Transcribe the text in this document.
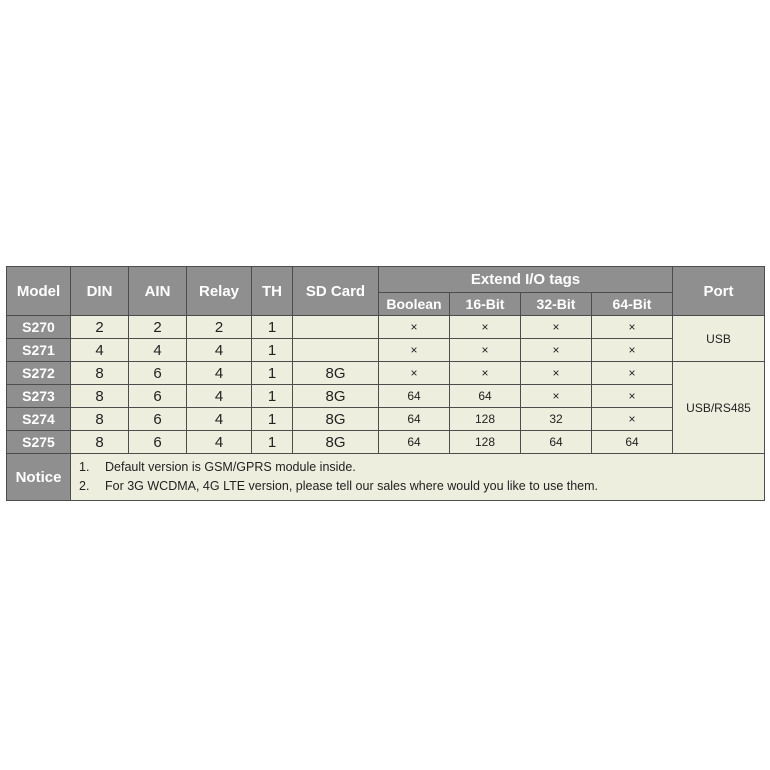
Model	DIN	AIN	Relay	TH	SD Card	Extend I/O tags				Port
						Boolean	16-Bit	32-Bit	64-Bit	
S270	2	2	2	1		×	×	×	×	USB
S271	4	4	4	1		×	×	×	×	
S272	8	6	4	1	8G	×	×	×	×	USB/RS485
S273	8	6	4	1	8G	64	64	×	×	
S274	8	6	4	1	8G	64	128	32	×	
S275	8	6	4	1	8G	64	128	64	64	
Notice	1. Default version is GSM/GPRS module inside.
2. For 3G WCDMA, 4G LTE version, please tell our sales where would you like to use them.									
